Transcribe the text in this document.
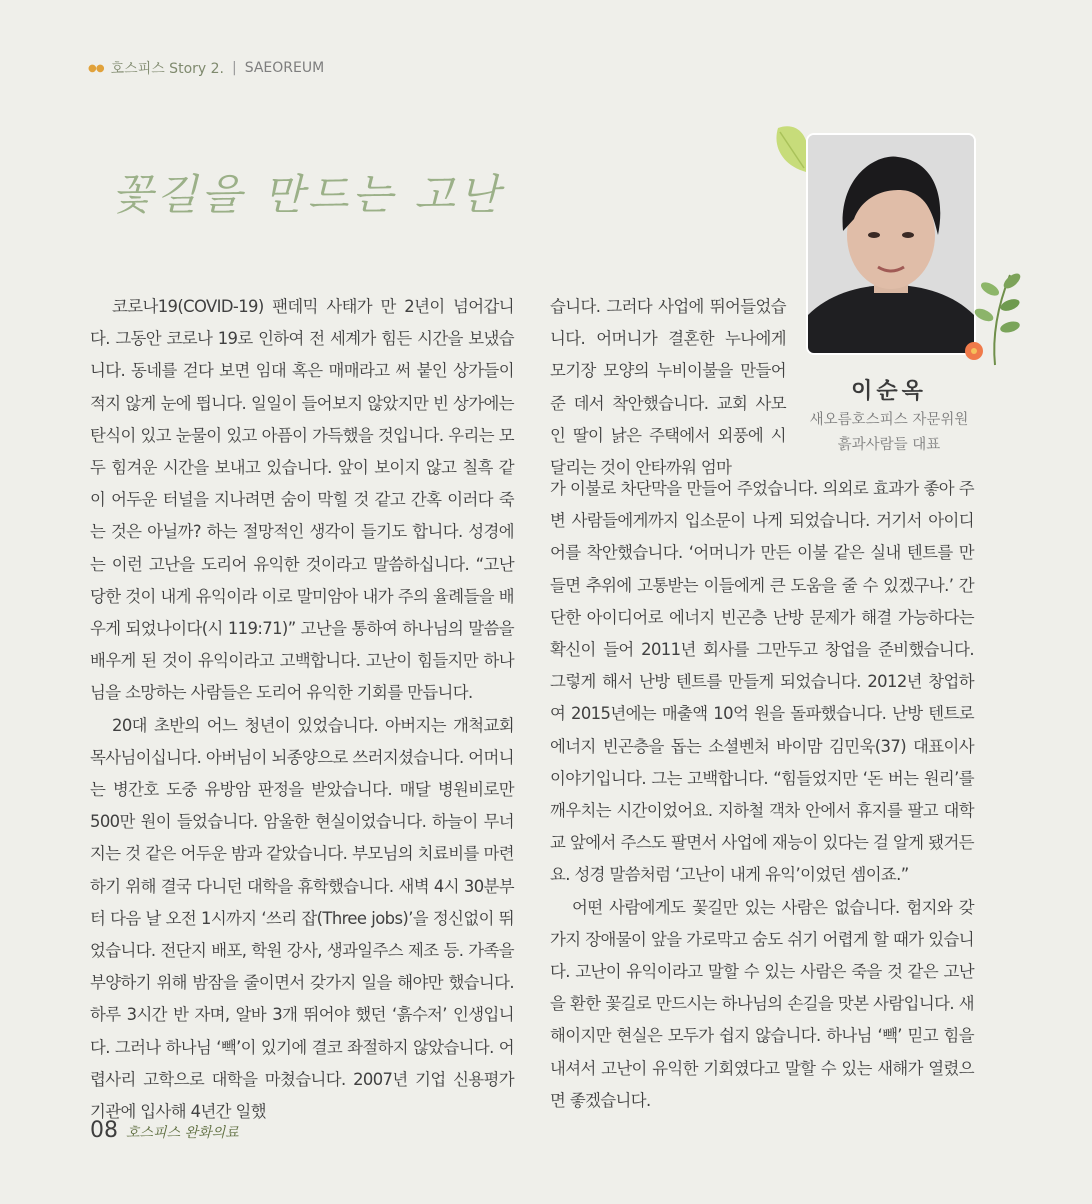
● ● 호스피스 Story 2. | SAEOREUM
꽃길을 만드는 고난

코로나19(COVID-19) 팬데믹 사태가 만 2년이 넘어갑니다. 그동안 코로나 19로 인하여 전 세계가 힘든 시간을 보냈습니다. 동네를 걷다 보면 임대 혹은 매매라고 써 붙인 상가들이 적지 않게 눈에 띕니다. 일일이 들어보지 않았지만 빈 상가에는 탄식이 있고 눈물이 있고 아픔이 가득했을 것입니다. 우리는 모두 힘겨운 시간을 보내고 있습니다. 앞이 보이지 않고 칠흑 같이 어두운 터널을 지나려면 숨이 막힐 것 같고 간혹 이러다 죽는 것은 아닐까? 하는 절망적인 생각이 들기도 합니다. 성경에는 이런 고난을 도리어 유익한 것이라고 말씀하십니다. “고난 당한 것이 내게 유익이라 이로 말미암아 내가 주의 율례들을 배우게 되었나이다(시 119:71)” 고난을 통하여 하나님의 말씀을 배우게 된 것이 유익이라고 고백합니다. 고난이 힘들지만 하나님을 소망하는 사람들은 도리어 유익한 기회를 만듭니다.

20대 초반의 어느 청년이 있었습니다. 아버지는 개척교회 목사님이십니다. 아버님이 뇌종양으로 쓰러지셨습니다. 어머니는 병간호 도중 유방암 판정을 받았습니다. 매달 병원비로만 500만 원이 들었습니다. 암울한 현실이었습니다. 하늘이 무너지는 것 같은 어두운 밤과 같았습니다. 부모님의 치료비를 마련하기 위해 결국 다니던 대학을 휴학했습니다. 새벽 4시 30분부터 다음 날 오전 1시까지 ‘쓰리 잡(Three jobs)’을 정신없이 뛰었습니다. 전단지 배포, 학원 강사, 생과일주스 제조 등. 가족을 부양하기 위해 밤잠을 줄이면서 갖가지 일을 해야만 했습니다. 하루 3시간 반 자며, 알바 3개 뛰어야 했던 ‘흙수저’ 인생입니다. 그러나 하나님 ‘빽’이 있기에 결코 좌절하지 않았습니다. 어렵사리 고학으로 대학을 마쳤습니다. 2007년 기업 신용평가 기관에 입사해 4년간 일했

습니다. 그러다 사업에 뛰어들었습니다. 어머니가 결혼한 누나에게 모기장 모양의 누비이불을 만들어 준 데서 착안했습니다. 교회 사모인 딸이 낡은 주택에서 외풍에 시달리는 것이 안타까워 엄마

가 이불로 차단막을 만들어 주었습니다. 의외로 효과가 좋아 주변 사람들에게까지 입소문이 나게 되었습니다. 거기서 아이디어를 착안했습니다. ‘어머니가 만든 이불 같은 실내 텐트를 만들면 추위에 고통받는 이들에게 큰 도움을 줄 수 있겠구나.’ 간단한 아이디어로 에너지 빈곤층 난방 문제가 해결 가능하다는 확신이 들어 2011년 회사를 그만두고 창업을 준비했습니다. 그렇게 해서 난방 텐트를 만들게 되었습니다. 2012년 창업하여 2015년에는 매출액 10억 원을 돌파했습니다. 난방 텐트로 에너지 빈곤층을 돕는 소셜벤처 바이맘 김민욱(37) 대표이사 이야기입니다. 그는 고백합니다. “힘들었지만 ‘돈 버는 원리’를 깨우치는 시간이었어요. 지하철 객차 안에서 휴지를 팔고 대학교 앞에서 주스도 팔면서 사업에 재능이 있다는 걸 알게 됐거든요. 성경 말씀처럼 ‘고난이 내게 유익’이었던 셈이죠.”

어떤 사람에게도 꽃길만 있는 사람은 없습니다. 험지와 갖가지 장애물이 앞을 가로막고 숨도 쉬기 어렵게 할 때가 있습니다. 고난이 유익이라고 말할 수 있는 사람은 죽을 것 같은 고난을 환한 꽃길로 만드시는 하나님의 손길을 맛본 사람입니다. 새해이지만 현실은 모두가 쉽지 않습니다. 하나님 ‘빽’ 믿고 힘을 내셔서 고난이 유익한 기회였다고 말할 수 있는 새해가 열렸으면 좋겠습니다.

이순옥
새오름호스피스 자문위원
흙과사람들 대표
08 호스피스 완화의료
